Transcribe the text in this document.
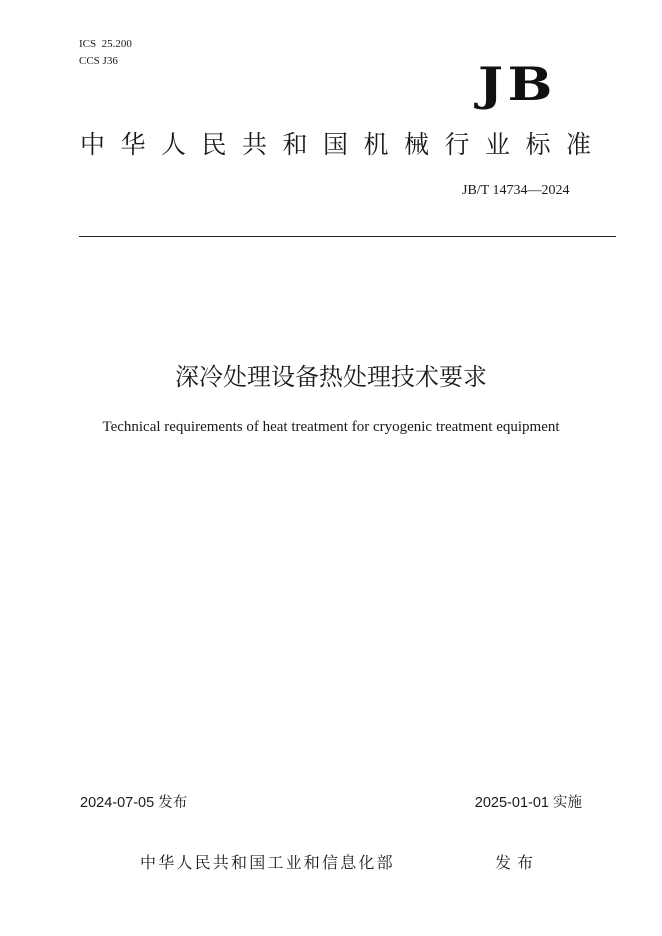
ICS  25.200
CCS J36	JB
中华人民共和国机械行业标准
JB/T 14734—2024
深冷处理设备热处理技术要求
Technical requirements of heat treatment for cryogenic treatment equipment
2024-07-05 发布	2025-01-01 实施
中华人民共和国工业和信息化部	发布
